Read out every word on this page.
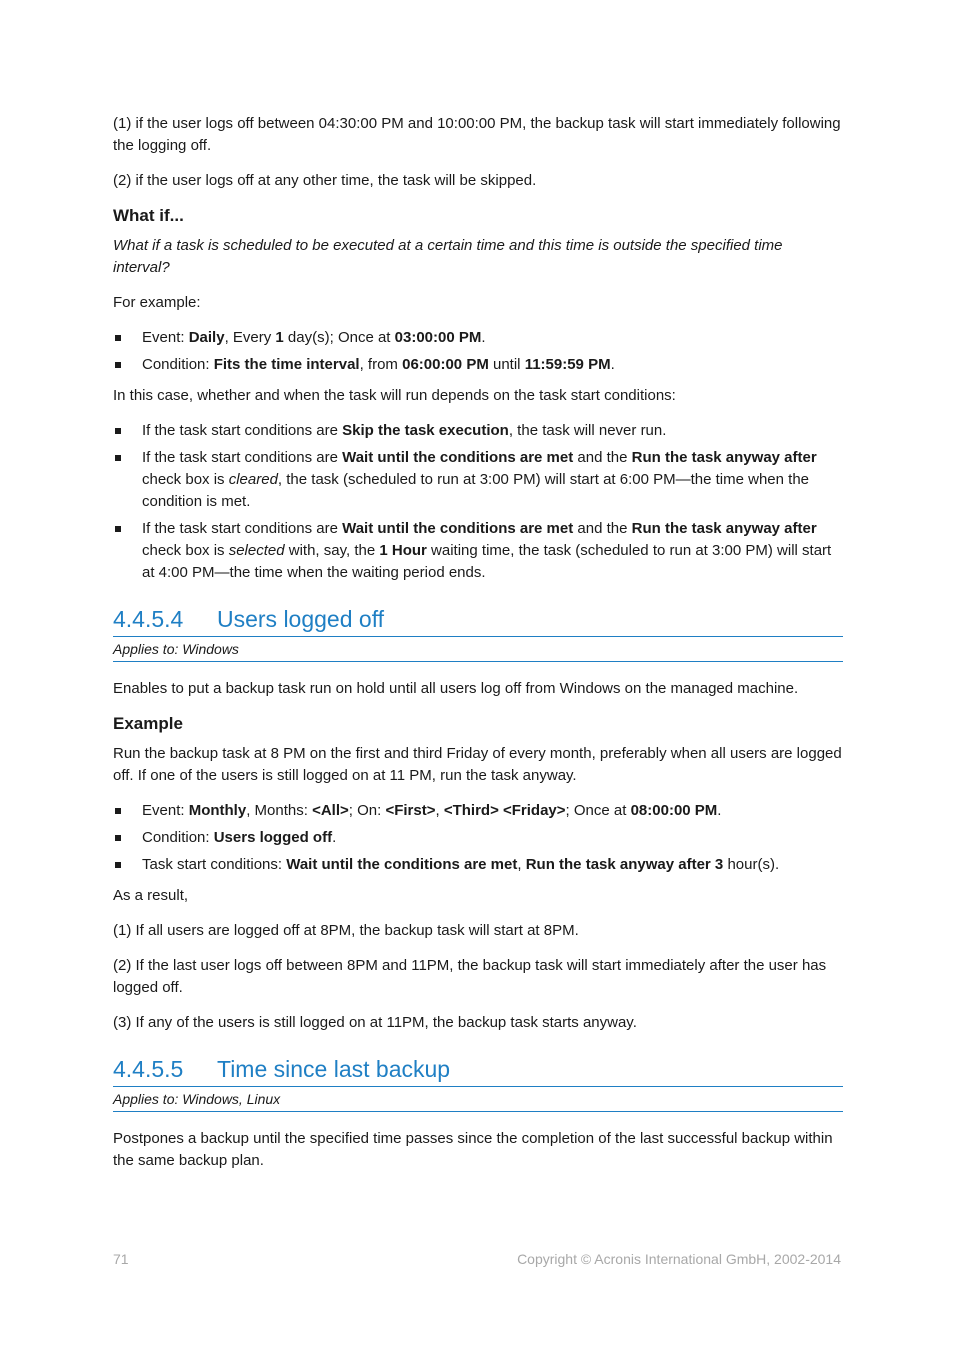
(1) if the user logs off between 04:30:00 PM and 10:00:00 PM, the backup task will start immediately following the logging off.

(2) if the user logs off at any other time, the task will be skipped.

What if...

What if a task is scheduled to be executed at a certain time and this time is outside the specified time interval?

For example:

Event: Daily, Every 1 day(s); Once at 03:00:00 PM.
Condition: Fits the time interval, from 06:00:00 PM until 11:59:59 PM.

In this case, whether and when the task will run depends on the task start conditions:

If the task start conditions are Skip the task execution, the task will never run.
If the task start conditions are Wait until the conditions are met and the Run the task anyway after check box is cleared, the task (scheduled to run at 3:00 PM) will start at 6:00 PM—the time when the condition is met.
If the task start conditions are Wait until the conditions are met and the Run the task anyway after check box is selected with, say, the 1 Hour waiting time, the task (scheduled to run at 3:00 PM) will start at 4:00 PM—the time when the waiting period ends.
4.4.5.4	Users logged off
Applies to: Windows

Enables to put a backup task run on hold until all users log off from Windows on the managed machine.

Example

Run the backup task at 8 PM on the first and third Friday of every month, preferably when all users are logged off. If one of the users is still logged on at 11 PM, run the task anyway.

Event: Monthly, Months: <All>; On: <First>, <Third> <Friday>; Once at 08:00:00 PM.
Condition: Users logged off.
Task start conditions: Wait until the conditions are met, Run the task anyway after 3 hour(s).

As a result,

(1) If all users are logged off at 8PM, the backup task will start at 8PM.

(2) If the last user logs off between 8PM and 11PM, the backup task will start immediately after the user has logged off.

(3) If any of the users is still logged on at 11PM, the backup task starts anyway.

4.4.5.5	Time since last backup
Applies to: Windows, Linux

Postpones a backup until the specified time passes since the completion of the last successful backup within the same backup plan.

71	Copyright © Acronis International GmbH, 2002-2014
